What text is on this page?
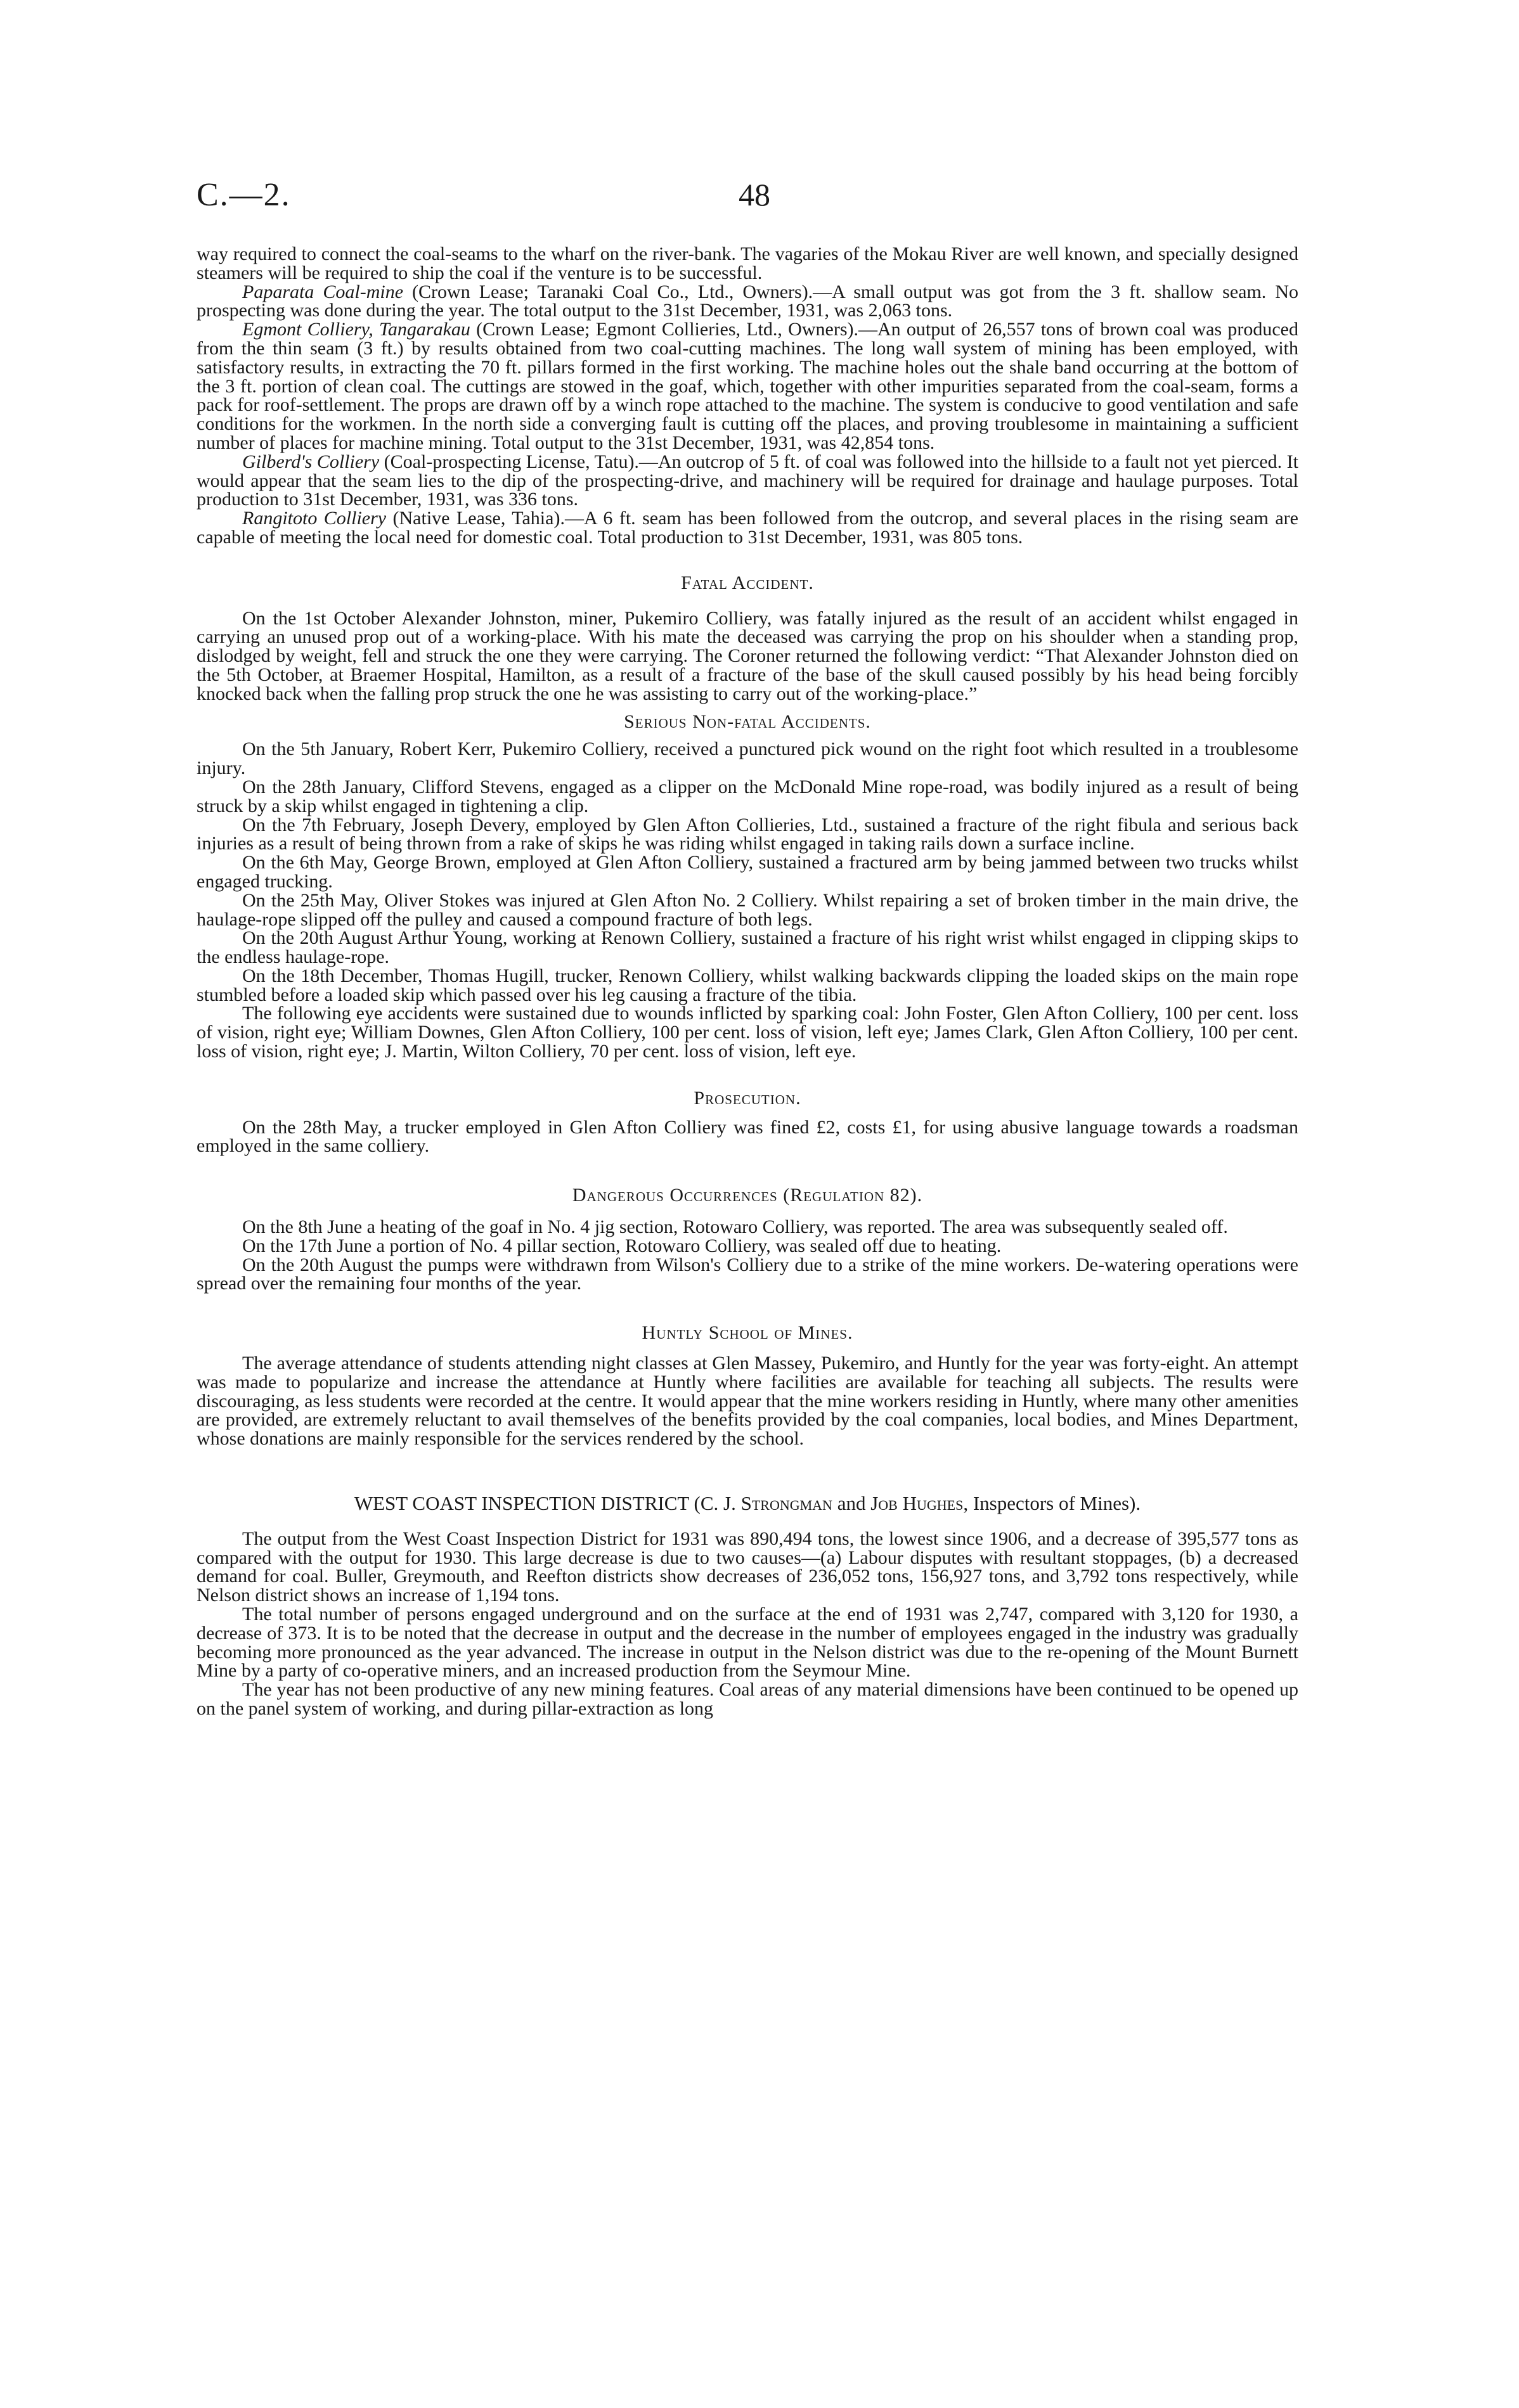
C.—2.	48

way required to connect the coal-seams to the wharf on the river-bank. The vagaries of the Mokau River are well known, and specially designed steamers will be required to ship the coal if the venture is to be successful.

Paparata Coal-mine (Crown Lease; Taranaki Coal Co., Ltd., Owners).—A small output was got from the 3 ft. shallow seam. No prospecting was done during the year. The total output to the 31st December, 1931, was 2,063 tons.

Egmont Colliery, Tangarakau (Crown Lease; Egmont Collieries, Ltd., Owners).—An output of 26,557 tons of brown coal was produced from the thin seam (3 ft.) by results obtained from two coal-cutting machines. The long wall system of mining has been employed, with satisfactory results, in extracting the 70 ft. pillars formed in the first working. The machine holes out the shale band occurring at the bottom of the 3 ft. portion of clean coal. The cuttings are stowed in the goaf, which, together with other impurities separated from the coal-seam, forms a pack for roof-settlement. The props are drawn off by a winch rope attached to the machine. The system is conducive to good ventilation and safe conditions for the workmen. In the north side a converging fault is cutting off the places, and proving troublesome in maintaining a sufficient number of places for machine mining. Total output to the 31st December, 1931, was 42,854 tons.

Gilberd's Colliery (Coal-prospecting License, Tatu).—An outcrop of 5 ft. of coal was followed into the hillside to a fault not yet pierced. It would appear that the seam lies to the dip of the prospecting-drive, and machinery will be required for drainage and haulage purposes. Total production to 31st December, 1931, was 336 tons.

Rangitoto Colliery (Native Lease, Tahia).—A 6 ft. seam has been followed from the outcrop, and several places in the rising seam are capable of meeting the local need for domestic coal. Total production to 31st December, 1931, was 805 tons.

Fatal Accident.

On the 1st October Alexander Johnston, miner, Pukemiro Colliery, was fatally injured as the result of an accident whilst engaged in carrying an unused prop out of a working-place. With his mate the deceased was carrying the prop on his shoulder when a standing prop, dislodged by weight, fell and struck the one they were carrying. The Coroner returned the following verdict: “That Alexander Johnston died on the 5th October, at Braemer Hospital, Hamilton, as a result of a fracture of the base of the skull caused possibly by his head being forcibly knocked back when the falling prop struck the one he was assisting to carry out of the working-place.”

Serious Non-fatal Accidents.

On the 5th January, Robert Kerr, Pukemiro Colliery, received a punctured pick wound on the right foot which resulted in a troublesome injury.

On the 28th January, Clifford Stevens, engaged as a clipper on the McDonald Mine rope-road, was bodily injured as a result of being struck by a skip whilst engaged in tightening a clip.

On the 7th February, Joseph Devery, employed by Glen Afton Collieries, Ltd., sustained a fracture of the right fibula and serious back injuries as a result of being thrown from a rake of skips he was riding whilst engaged in taking rails down a surface incline.

On the 6th May, George Brown, employed at Glen Afton Colliery, sustained a fractured arm by being jammed between two trucks whilst engaged trucking.

On the 25th May, Oliver Stokes was injured at Glen Afton No. 2 Colliery. Whilst repairing a set of broken timber in the main drive, the haulage-rope slipped off the pulley and caused a compound fracture of both legs.

On the 20th August Arthur Young, working at Renown Colliery, sustained a fracture of his right wrist whilst engaged in clipping skips to the endless haulage-rope.

On the 18th December, Thomas Hugill, trucker, Renown Colliery, whilst walking backwards clipping the loaded skips on the main rope stumbled before a loaded skip which passed over his leg causing a fracture of the tibia.

The following eye accidents were sustained due to wounds inflicted by sparking coal: John Foster, Glen Afton Colliery, 100 per cent. loss of vision, right eye; William Downes, Glen Afton Colliery, 100 per cent. loss of vision, left eye; James Clark, Glen Afton Colliery, 100 per cent. loss of vision, right eye; J. Martin, Wilton Colliery, 70 per cent. loss of vision, left eye.

Prosecution.

On the 28th May, a trucker employed in Glen Afton Colliery was fined £2, costs £1, for using abusive language towards a roadsman employed in the same colliery.

Dangerous Occurrences (Regulation 82).

On the 8th June a heating of the goaf in No. 4 jig section, Rotowaro Colliery, was reported. The area was subsequently sealed off.

On the 17th June a portion of No. 4 pillar section, Rotowaro Colliery, was sealed off due to heating.

On the 20th August the pumps were withdrawn from Wilson's Colliery due to a strike of the mine workers. De-watering operations were spread over the remaining four months of the year.

Huntly School of Mines.

The average attendance of students attending night classes at Glen Massey, Pukemiro, and Huntly for the year was forty-eight. An attempt was made to popularize and increase the attendance at Huntly where facilities are available for teaching all subjects. The results were discouraging, as less students were recorded at the centre. It would appear that the mine workers residing in Huntly, where many other amenities are provided, are extremely reluctant to avail themselves of the benefits provided by the coal companies, local bodies, and Mines Department, whose donations are mainly responsible for the services rendered by the school.

WEST COAST INSPECTION DISTRICT (C. J. Strongman and Job Hughes, Inspectors of Mines).

The output from the West Coast Inspection District for 1931 was 890,494 tons, the lowest since 1906, and a decrease of 395,577 tons as compared with the output for 1930. This large decrease is due to two causes—(a) Labour disputes with resultant stoppages, (b) a decreased demand for coal. Buller, Greymouth, and Reefton districts show decreases of 236,052 tons, 156,927 tons, and 3,792 tons respectively, while Nelson district shows an increase of 1,194 tons.

The total number of persons engaged underground and on the surface at the end of 1931 was 2,747, compared with 3,120 for 1930, a decrease of 373. It is to be noted that the decrease in output and the decrease in the number of employees engaged in the industry was gradually becoming more pronounced as the year advanced. The increase in output in the Nelson district was due to the re-opening of the Mount Burnett Mine by a party of co-operative miners, and an increased production from the Seymour Mine.

The year has not been productive of any new mining features. Coal areas of any material dimensions have been continued to be opened up on the panel system of working, and during pillar-extraction as long
